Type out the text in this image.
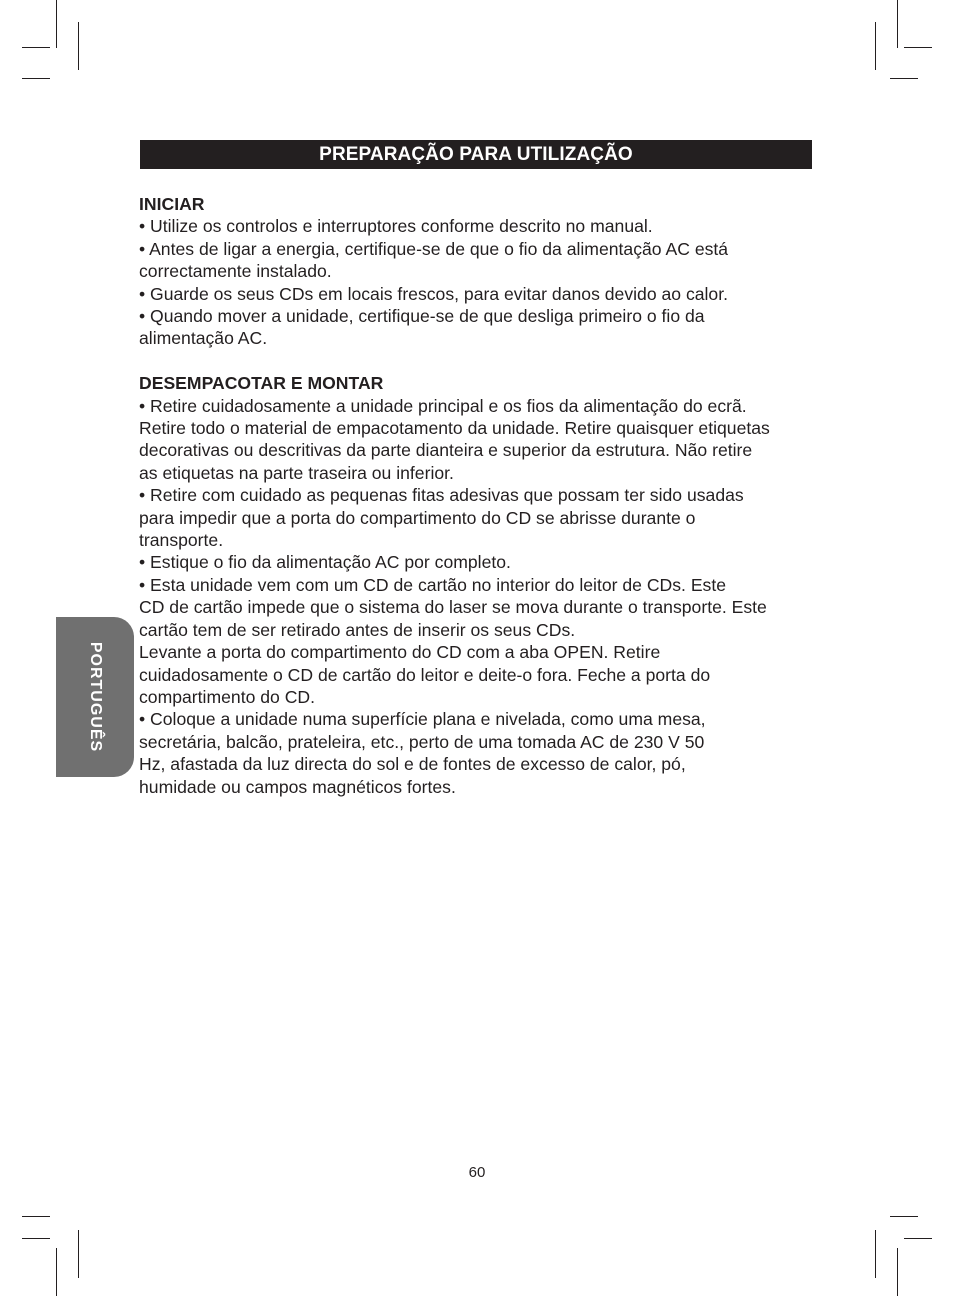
PREPARAÇÃO PARA UTILIZAÇÃO

INICIAR

• Utilize os controlos e interruptores conforme descrito no manual.

• Antes de ligar a energia, certifique-se de que o fio da alimentação AC está

correctamente instalado.

• Guarde os seus CDs em locais frescos, para evitar danos devido ao calor.

• Quando mover a unidade, certifique-se de que desliga primeiro o fio da

alimentação AC.

DESEMPACOTAR E MONTAR

• Retire cuidadosamente a unidade principal e os fios da alimentação do ecrã.

Retire todo o material de empacotamento da unidade. Retire quaisquer etiquetas

decorativas ou descritivas da parte dianteira e superior da estrutura. Não retire

as etiquetas na parte traseira ou inferior.

• Retire com cuidado as pequenas fitas adesivas que possam ter sido usadas

para impedir que a porta do compartimento do CD se abrisse durante o

transporte.

• Estique o fio da alimentação AC por completo.

• Esta unidade vem com um CD de cartão no interior do leitor de CDs. Este

CD de cartão impede que o sistema do laser se mova durante o transporte. Este

cartão tem de ser retirado antes de inserir os seus CDs.

Levante a porta do compartimento do CD com a aba OPEN. Retire

cuidadosamente o CD de cartão do leitor e deite-o fora. Feche a porta do

compartimento do CD.

• Coloque a unidade numa superfície plana e nivelada, como uma mesa,

secretária, balcão, prateleira, etc., perto de uma tomada AC de 230 V 50

Hz, afastada da luz directa do sol e de fontes de excesso de calor, pó,

humidade ou campos magnéticos fortes.

PORTUGUÊS
60
